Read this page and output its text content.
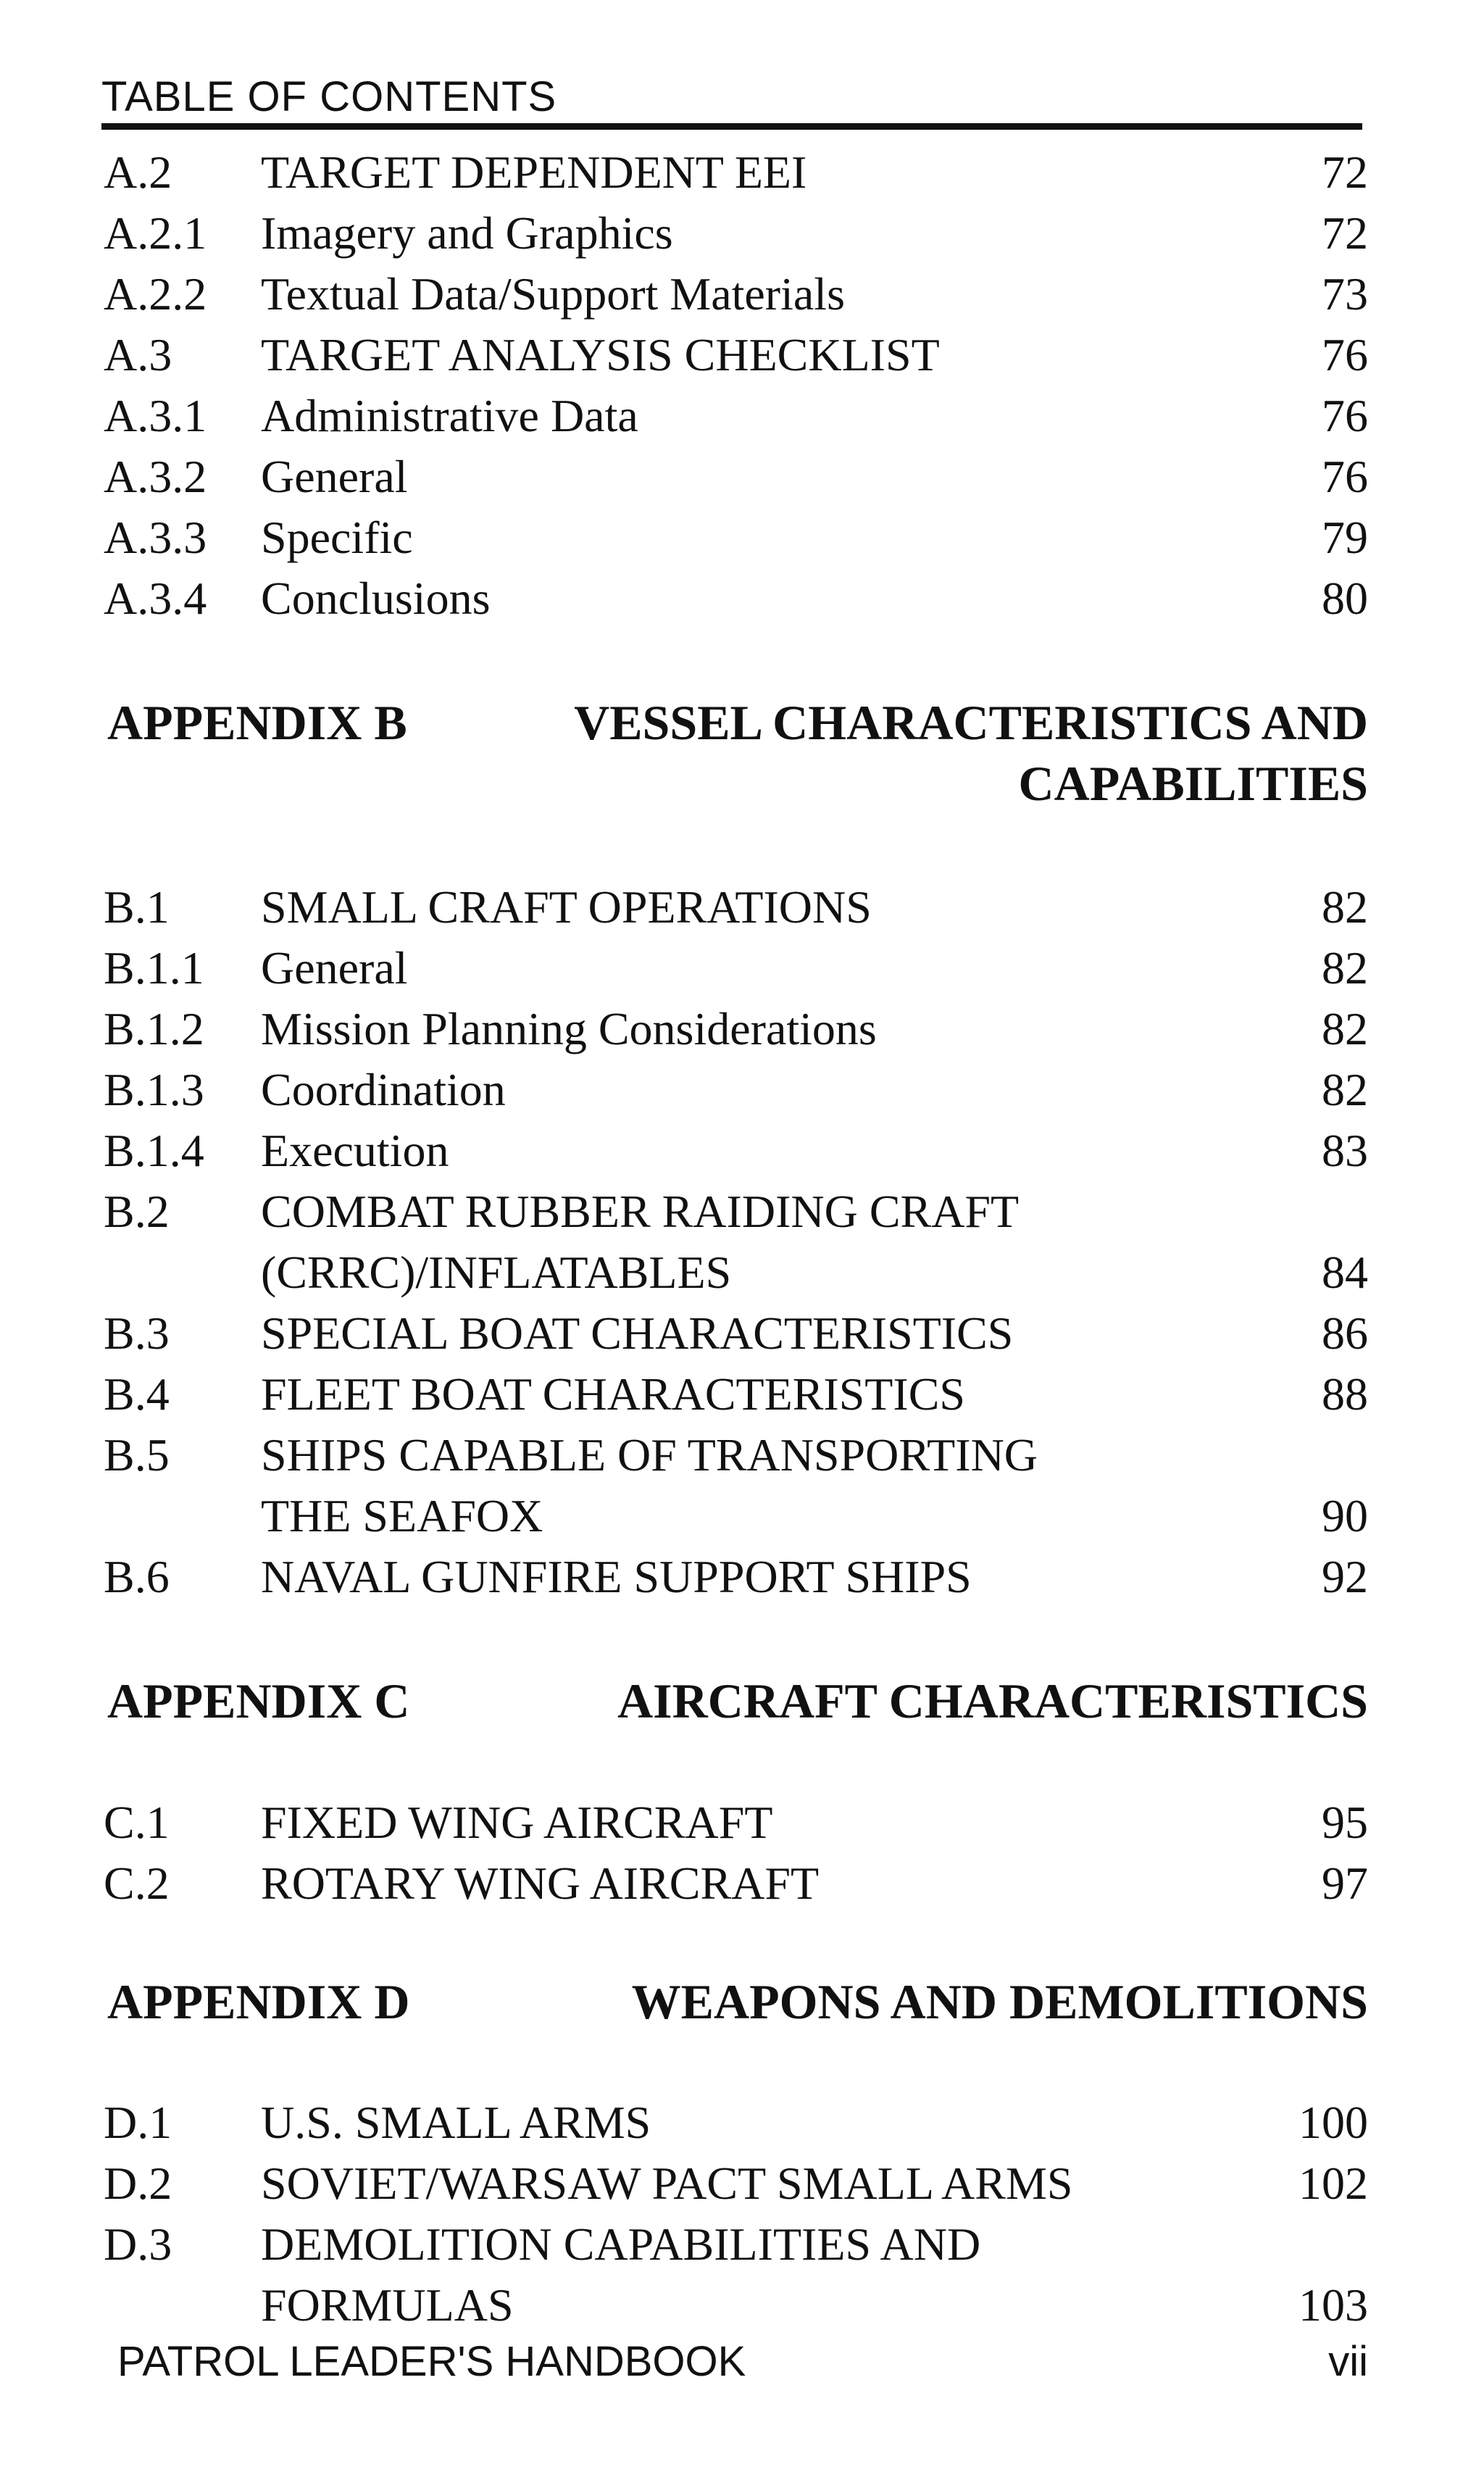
TABLE OF CONTENTS
A.2 TARGET DEPENDENT EEI	72
A.2.1 Imagery and Graphics	72
A.2.2 Textual Data/Support Materials	73
A.3 TARGET ANALYSIS CHECKLIST	76
A.3.1 Administrative Data	76
A.3.2 General	76
A.3.3 Specific	79
A.3.4 Conclusions	80
APPENDIX B	VESSEL CHARACTERISTICS AND CAPABILITIES
B.1 SMALL CRAFT OPERATIONS	82
B.1.1 General	82
B.1.2 Mission Planning Considerations	82
B.1.3 Coordination	82
B.1.4 Execution	83
B.2 COMBAT RUBBER RAIDING CRAFT
(CRRC)/INFLATABLES	84
B.3 SPECIAL BOAT CHARACTERISTICS	86
B.4 FLEET BOAT CHARACTERISTICS	88
B.5 SHIPS CAPABLE OF TRANSPORTING
THE SEAFOX	90
B.6 NAVAL GUNFIRE SUPPORT SHIPS	92
APPENDIX C	AIRCRAFT CHARACTERISTICS
C.1 FIXED WING AIRCRAFT	95
C.2 ROTARY WING AIRCRAFT	97
APPENDIX D	WEAPONS AND DEMOLITIONS
D.1 U.S. SMALL ARMS	100
D.2 SOVIET/WARSAW PACT SMALL ARMS	102
D.3 DEMOLITION CAPABILITIES AND
FORMULAS	103
PATROL LEADER'S HANDBOOK	vii
